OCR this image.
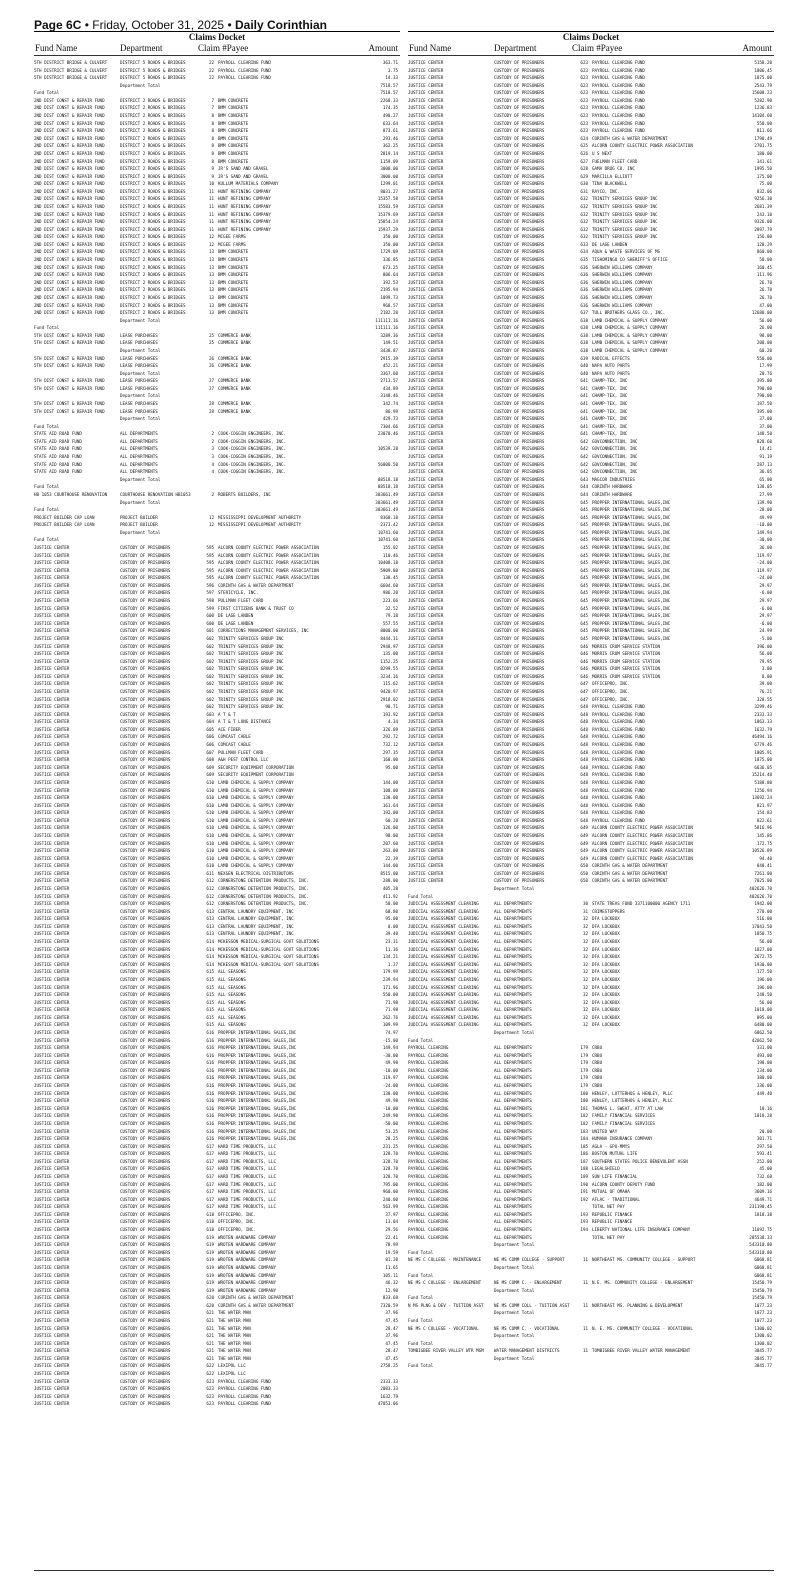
Page 6C • Friday, October 31, 2025 • Daily Corinthian
Claims Docket
Fund Name	Department	Claim #Payee	Amount
5TH DISTRICT BRIDGE & CULVERT	DISTRICT 5 ROADS & BRIDGES	22 PAYROLL CLEARING FUND	363.71
5TH DISTRICT BRIDGE & CULVERT	DISTRICT 5 ROADS & BRIDGES	22 PAYROLL CLEARING FUND	3.75
5TH DISTRICT BRIDGE & CULVERT	DISTRICT 5 ROADS & BRIDGES	22 PAYROLL CLEARING FUND	14.33
Department Total	7518.57
Fund Total	7518.57
2ND DIST CONST & REPAIR FUND	DISTRICT 2 ROADS & BRIDGES	7 BMM CONCRETE	2268.33
2ND DIST CONST & REPAIR FUND	DISTRICT 2 ROADS & BRIDGES	7 BMM CONCRETE	174.35
2ND DIST CONST & REPAIR FUND	DISTRICT 2 ROADS & BRIDGES	8 BMM CONCRETE	490.27
2ND DIST CONST & REPAIR FUND	DISTRICT 2 ROADS & BRIDGES	8 BMM CONCRETE	633.64
2ND DIST CONST & REPAIR FUND	DISTRICT 2 ROADS & BRIDGES	8 BMM CONCRETE	873.61
2ND DIST CONST & REPAIR FUND	DISTRICT 2 ROADS & BRIDGES	8 BMM CONCRETE	293.46
2ND DIST CONST & REPAIR FUND	DISTRICT 2 ROADS & BRIDGES	8 BMM CONCRETE	362.25
2ND DIST CONST & REPAIR FUND	DISTRICT 2 ROADS & BRIDGES	8 BMM CONCRETE	2819.14
2ND DIST CONST & REPAIR FUND	DISTRICT 2 ROADS & BRIDGES	8 BMM CONCRETE	1159.09
2ND DIST CONST & REPAIR FUND	DISTRICT 2 ROADS & BRIDGES	9 JR'S SAND AND GRAVEL	3000.00
2ND DIST CONST & REPAIR FUND	DISTRICT 2 ROADS & BRIDGES	9 JR'S SAND AND GRAVEL	3000.00
2ND DIST CONST & REPAIR FUND	DISTRICT 2 ROADS & BRIDGES	10 KULLUM MATERIALS COMPANY	1299.01
2ND DIST CONST & REPAIR FUND	DISTRICT 2 ROADS & BRIDGES	11 HUNT REFINING COMPANY	8031.27
2ND DIST CONST & REPAIR FUND	DISTRICT 2 ROADS & BRIDGES	11 HUNT REFINING COMPANY	15357.58
2ND DIST CONST & REPAIR FUND	DISTRICT 2 ROADS & BRIDGES	11 HUNT REFINING COMPANY	15583.59
2ND DIST CONST & REPAIR FUND	DISTRICT 2 ROADS & BRIDGES	11 HUNT REFINING COMPANY	15379.69
2ND DIST CONST & REPAIR FUND	DISTRICT 2 ROADS & BRIDGES	11 HUNT REFINING COMPANY	15854.24
2ND DIST CONST & REPAIR FUND	DISTRICT 2 ROADS & BRIDGES	11 HUNT REFINING COMPANY	15937.29
2ND DIST CONST & REPAIR FUND	DISTRICT 2 ROADS & BRIDGES	12 MCGEE FARMS	350.00
2ND DIST CONST & REPAIR FUND	DISTRICT 2 ROADS & BRIDGES	12 MCGEE FARMS	350.00
2ND DIST CONST & REPAIR FUND	DISTRICT 2 ROADS & BRIDGES	13 BMM CONCRETE	1729.09
2ND DIST CONST & REPAIR FUND	DISTRICT 2 ROADS & BRIDGES	13 BMM CONCRETE	336.85
2ND DIST CONST & REPAIR FUND	DISTRICT 2 ROADS & BRIDGES	13 BMM CONCRETE	673.25
2ND DIST CONST & REPAIR FUND	DISTRICT 2 ROADS & BRIDGES	13 BMM CONCRETE	806.64
2ND DIST CONST & REPAIR FUND	DISTRICT 2 ROADS & BRIDGES	13 BMM CONCRETE	392.53
2ND DIST CONST & REPAIR FUND	DISTRICT 2 ROADS & BRIDGES	13 BMM CONCRETE	2195.94
2ND DIST CONST & REPAIR FUND	DISTRICT 2 ROADS & BRIDGES	13 BMM CONCRETE	1099.73
2ND DIST CONST & REPAIR FUND	DISTRICT 2 ROADS & BRIDGES	13 BMM CONCRETE	968.57
2ND DIST CONST & REPAIR FUND	DISTRICT 2 ROADS & BRIDGES	13 BMM CONCRETE	2182.28
Department Total	111111.16
Fund Total	111111.16
5TH DIST CONST & REPAIR FUND	LEASE PURCHASES	25 COMMERCE BANK	3289.36
5TH DIST CONST & REPAIR FUND	LEASE PURCHASES	25 COMMERCE BANK	149.51
Department Total	3438.87
5TH DIST CONST & REPAIR FUND	LEASE PURCHASES	26 COMMERCE BANK	2915.39
5TH DIST CONST & REPAIR FUND	LEASE PURCHASES	26 COMMERCE BANK	452.21
Department Total	3367.60
5TH DIST CONST & REPAIR FUND	LEASE PURCHASES	27 COMMERCE BANK	2713.57
5TH DIST CONST & REPAIR FUND	LEASE PURCHASES	27 COMMERCE BANK	434.89
Department Total	3148.46
5TH DIST CONST & REPAIR FUND	LEASE PURCHASES	28 COMMERCE BANK	342.74
5TH DIST CONST & REPAIR FUND	LEASE PURCHASES	28 COMMERCE BANK	86.99
Department Total	429.73
Fund Total	7304.66
STATE AID ROAD FUND	ALL DEPARTMENTS	2 COOK-COGGIN ENGINEERS, INC.	23070.46
STATE AID ROAD FUND	ALL DEPARTMENTS	2 COOK-COGGIN ENGINEERS, INC.
STATE AID ROAD FUND	ALL DEPARTMENTS	3 COOK-COGGIN ENGINEERS, INC.	10539.28
STATE AID ROAD FUND	ALL DEPARTMENTS	3 COOK-COGGIN ENGINEERS, INC.
STATE AID ROAD FUND	ALL DEPARTMENTS	4 COOK-COGGIN ENGINEERS, INC.	56000.50
STATE AID ROAD FUND	ALL DEPARTMENTS	4 COOK-COGGIN ENGINEERS, INC.
Department Total	88518.18
Fund Total	88518.18
HB 1053 COURTHOUSE RENOVATION	COURTHOUSE RENOVATION HB1053	2 ROBERTS BUILDERS, INC	303661.49
Department Total	303661.49
Fund Total	303661.49
PROJECT BUILDER CAP LOAN	PROJECT BUILDER	12 MISSISSIPPI DEVELOPMENT AUTHORITY	8368.18
PROJECT BUILDER CAP LOAN	PROJECT BUILDER	12 MISSISSIPPI DEVELOPMENT AUTHORITY	2373.42
Department Total	10741.60
Fund Total	10741.60
JUSTICE CENTER	CUSTODY OF PRISONERS	595 ALCORN COUNTY ELECTRIC POWER ASSOCIATION	155.02
JUSTICE CENTER	CUSTODY OF PRISONERS	595 ALCORN COUNTY ELECTRIC POWER ASSOCIATION	110.46
JUSTICE CENTER	CUSTODY OF PRISONERS	595 ALCORN COUNTY ELECTRIC POWER ASSOCIATION	10408.18
JUSTICE CENTER	CUSTODY OF PRISONERS	595 ALCORN COUNTY ELECTRIC POWER ASSOCIATION	5909.80
JUSTICE CENTER	CUSTODY OF PRISONERS	595 ALCORN COUNTY ELECTRIC POWER ASSOCIATION	138.45
JUSTICE CENTER	CUSTODY OF PRISONERS	596 CORINTH GAS & WATER DEPARTMENT	6604.60
JUSTICE CENTER	CUSTODY OF PRISONERS	597 STERICYCLE, INC.	986.20
JUSTICE CENTER	CUSTODY OF PRISONERS	598 PULLMAN FLEET CARD	223.66
JUSTICE CENTER	CUSTODY OF PRISONERS	599 FIRST CITIZENS BANK & TRUST CO	32.52
JUSTICE CENTER	CUSTODY OF PRISONERS	600 DE LAGE LANDEN	79.18
JUSTICE CENTER	CUSTODY OF PRISONERS	600 DE LAGE LANDEN	557.55
JUSTICE CENTER	CUSTODY OF PRISONERS	601 CORRECTIONS MANAGEMENT SERVICES, INC	8000.00
JUSTICE CENTER	CUSTODY OF PRISONERS	602 TRINITY SERVICES GROUP INC	8444.31
JUSTICE CENTER	CUSTODY OF PRISONERS	602 TRINITY SERVICES GROUP INC	2948.97
JUSTICE CENTER	CUSTODY OF PRISONERS	602 TRINITY SERVICES GROUP INC	135.00
JUSTICE CENTER	CUSTODY OF PRISONERS	602 TRINITY SERVICES GROUP INC	1152.25
JUSTICE CENTER	CUSTODY OF PRISONERS	602 TRINITY SERVICES GROUP INC	8299.55
JUSTICE CENTER	CUSTODY OF PRISONERS	602 TRINITY SERVICES GROUP INC	3234.16
JUSTICE CENTER	CUSTODY OF PRISONERS	602 TRINITY SERVICES GROUP INC	115.62
JUSTICE CENTER	CUSTODY OF PRISONERS	602 TRINITY SERVICES GROUP INC	9420.97
JUSTICE CENTER	CUSTODY OF PRISONERS	602 TRINITY SERVICES GROUP INC	2918.02
JUSTICE CENTER	CUSTODY OF PRISONERS	602 TRINITY SERVICES GROUP INC	90.71
JUSTICE CENTER	CUSTODY OF PRISONERS	603 A T & T	193.92
JUSTICE CENTER	CUSTODY OF PRISONERS	604 A T & T LONG DISTANCE	4.34
JUSTICE CENTER	CUSTODY OF PRISONERS	605 ACE FIBER	326.09
JUSTICE CENTER	CUSTODY OF PRISONERS	606 COMCAST CABLE	292.72
JUSTICE CENTER	CUSTODY OF PRISONERS	606 COMCAST CABLE	732.12
JUSTICE CENTER	CUSTODY OF PRISONERS	607 PULLMAN FLEET CARD	297.35
JUSTICE CENTER	CUSTODY OF PRISONERS	608 A&H PEST CONTROL LLC	168.00
JUSTICE CENTER	CUSTODY OF PRISONERS	609 SECURITY EQUIPMENT CORPORATION	95.00
JUSTICE CENTER	CUSTODY OF PRISONERS	609 SECURITY EQUIPMENT CORPORATION
JUSTICE CENTER	CUSTODY OF PRISONERS	610 LAMB CHEMICAL & SUPPLY COMPANY	144.00
JUSTICE CENTER	CUSTODY OF PRISONERS	610 LAMB CHEMICAL & SUPPLY COMPANY	108.00
JUSTICE CENTER	CUSTODY OF PRISONERS	610 LAMB CHEMICAL & SUPPLY COMPANY	138.00
JUSTICE CENTER	CUSTODY OF PRISONERS	610 LAMB CHEMICAL & SUPPLY COMPANY	161.64
JUSTICE CENTER	CUSTODY OF PRISONERS	610 LAMB CHEMICAL & SUPPLY COMPANY	192.00
JUSTICE CENTER	CUSTODY OF PRISONERS	610 LAMB CHEMICAL & SUPPLY COMPANY	60.20
JUSTICE CENTER	CUSTODY OF PRISONERS	610 LAMB CHEMICAL & SUPPLY COMPANY	126.00
JUSTICE CENTER	CUSTODY OF PRISONERS	610 LAMB CHEMICAL & SUPPLY COMPANY	98.00
JUSTICE CENTER	CUSTODY OF PRISONERS	610 LAMB CHEMICAL & SUPPLY COMPANY	207.60
JUSTICE CENTER	CUSTODY OF PRISONERS	610 LAMB CHEMICAL & SUPPLY COMPANY	263.00
JUSTICE CENTER	CUSTODY OF PRISONERS	610 LAMB CHEMICAL & SUPPLY COMPANY	22.39
JUSTICE CENTER	CUSTODY OF PRISONERS	610 LAMB CHEMICAL & SUPPLY COMPANY	144.00
JUSTICE CENTER	CUSTODY OF PRISONERS	611 NEXGEN ELECTRICAL DISTRIBUTORS	8515.00
JUSTICE CENTER	CUSTODY OF PRISONERS	612 CORNERSTONE DETENTION PRODUCTS, INC.	288.00
JUSTICE CENTER	CUSTODY OF PRISONERS	612 CORNERSTONE DETENTION PRODUCTS, INC.	405.28
JUSTICE CENTER	CUSTODY OF PRISONERS	612 CORNERSTONE DETENTION PRODUCTS, INC.	411.92
JUSTICE CENTER	CUSTODY OF PRISONERS	612 CORNERSTONE DETENTION PRODUCTS, INC.	50.00
JUSTICE CENTER	CUSTODY OF PRISONERS	613 CENTRAL LAUNDRY EQUIPMENT, INC	68.80
JUSTICE CENTER	CUSTODY OF PRISONERS	613 CENTRAL LAUNDRY EQUIPMENT, INC	95.00
JUSTICE CENTER	CUSTODY OF PRISONERS	613 CENTRAL LAUNDRY EQUIPMENT, INC	0.00
JUSTICE CENTER	CUSTODY OF PRISONERS	613 CENTRAL LAUNDRY EQUIPMENT, INC	39.40
JUSTICE CENTER	CUSTODY OF PRISONERS	614 MCKESSON MEDICAL-SURGICAL GOVT SOLUTIONS	23.31
JUSTICE CENTER	CUSTODY OF PRISONERS	614 MCKESSON MEDICAL-SURGICAL GOVT SOLUTIONS	11.36
JUSTICE CENTER	CUSTODY OF PRISONERS	614 MCKESSON MEDICAL-SURGICAL GOVT SOLUTIONS	134.21
JUSTICE CENTER	CUSTODY OF PRISONERS	614 MCKESSON MEDICAL-SURGICAL GOVT SOLUTIONS	1.27
JUSTICE CENTER	CUSTODY OF PRISONERS	615 ALL SEASONS	179.99
JUSTICE CENTER	CUSTODY OF PRISONERS	615 ALL SEASONS	239.94
JUSTICE CENTER	CUSTODY OF PRISONERS	615 ALL SEASONS	171.96
JUSTICE CENTER	CUSTODY OF PRISONERS	615 ALL SEASONS	550.00
JUSTICE CENTER	CUSTODY OF PRISONERS	615 ALL SEASONS	71.98
JUSTICE CENTER	CUSTODY OF PRISONERS	615 ALL SEASONS	71.98
JUSTICE CENTER	CUSTODY OF PRISONERS	615 ALL SEASONS	262.76
JUSTICE CENTER	CUSTODY OF PRISONERS	615 ALL SEASONS	109.99
JUSTICE CENTER	CUSTODY OF PRISONERS	616 PROPPER INTERNATIONAL SALES,INC	74.97
JUSTICE CENTER	CUSTODY OF PRISONERS	616 PROPPER INTERNATIONAL SALES,INC	-15.00
JUSTICE CENTER	CUSTODY OF PRISONERS	616 PROPPER INTERNATIONAL SALES,INC	149.94
JUSTICE CENTER	CUSTODY OF PRISONERS	616 PROPPER INTERNATIONAL SALES,INC	-30.00
JUSTICE CENTER	CUSTODY OF PRISONERS	616 PROPPER INTERNATIONAL SALES,INC	49.98
JUSTICE CENTER	CUSTODY OF PRISONERS	616 PROPPER INTERNATIONAL SALES,INC	-10.00
JUSTICE CENTER	CUSTODY OF PRISONERS	616 PROPPER INTERNATIONAL SALES,INC	119.97
JUSTICE CENTER	CUSTODY OF PRISONERS	616 PROPPER INTERNATIONAL SALES,INC	-24.00
JUSTICE CENTER	CUSTODY OF PRISONERS	616 PROPPER INTERNATIONAL SALES,INC	138.00
JUSTICE CENTER	CUSTODY OF PRISONERS	616 PROPPER INTERNATIONAL SALES,INC	49.98
JUSTICE CENTER	CUSTODY OF PRISONERS	616 PROPPER INTERNATIONAL SALES,INC	-10.00
JUSTICE CENTER	CUSTODY OF PRISONERS	616 PROPPER INTERNATIONAL SALES,INC	249.90
JUSTICE CENTER	CUSTODY OF PRISONERS	616 PROPPER INTERNATIONAL SALES,INC	-50.00
JUSTICE CENTER	CUSTODY OF PRISONERS	616 PROPPER INTERNATIONAL SALES,INC	53.25
JUSTICE CENTER	CUSTODY OF PRISONERS	616 PROPPER INTERNATIONAL SALES,INC	28.25
JUSTICE CENTER	CUSTODY OF PRISONERS	617 HARD TIME PRODUCTS, LLC	231.25
JUSTICE CENTER	CUSTODY OF PRISONERS	617 HARD TIME PRODUCTS, LLC	328.70
JUSTICE CENTER	CUSTODY OF PRISONERS	617 HARD TIME PRODUCTS, LLC	328.70
JUSTICE CENTER	CUSTODY OF PRISONERS	617 HARD TIME PRODUCTS, LLC	328.70
JUSTICE CENTER	CUSTODY OF PRISONERS	617 HARD TIME PRODUCTS, LLC	328.70
JUSTICE CENTER	CUSTODY OF PRISONERS	617 HARD TIME PRODUCTS, LLC	795.00
JUSTICE CENTER	CUSTODY OF PRISONERS	617 HARD TIME PRODUCTS, LLC	960.00
JUSTICE CENTER	CUSTODY OF PRISONERS	617 HARD TIME PRODUCTS, LLC	240.00
JUSTICE CENTER	CUSTODY OF PRISONERS	617 HARD TIME PRODUCTS, LLC	563.99
JUSTICE CENTER	CUSTODY OF PRISONERS	618 OFFICEPRO, INC.	37.97
JUSTICE CENTER	CUSTODY OF PRISONERS	618 OFFICEPRO, INC.	13.04
JUSTICE CENTER	CUSTODY OF PRISONERS	618 OFFICEPRO, INC.	29.56
JUSTICE CENTER	CUSTODY OF PRISONERS	619 WROTEN HARDWARE COMPANY	22.41
JUSTICE CENTER	CUSTODY OF PRISONERS	619 WROTEN HARDWARE COMPANY	78.99
JUSTICE CENTER	CUSTODY OF PRISONERS	619 WROTEN HARDWARE COMPANY	19.59
JUSTICE CENTER	CUSTODY OF PRISONERS	619 WROTEN HARDWARE COMPANY	81.20
JUSTICE CENTER	CUSTODY OF PRISONERS	619 WROTEN HARDWARE COMPANY	11.65
JUSTICE CENTER	CUSTODY OF PRISONERS	619 WROTEN HARDWARE COMPANY	105.11
JUSTICE CENTER	CUSTODY OF PRISONERS	619 WROTEN HARDWARE COMPANY	46.32
JUSTICE CENTER	CUSTODY OF PRISONERS	619 WROTEN HARDWARE COMPANY	12.90
JUSTICE CENTER	CUSTODY OF PRISONERS	620 CORINTH GAS & WATER DEPARTMENT	833.68
JUSTICE CENTER	CUSTODY OF PRISONERS	620 CORINTH GAS & WATER DEPARTMENT	7320.59
JUSTICE CENTER	CUSTODY OF PRISONERS	621 THE WATER MAN	37.96
JUSTICE CENTER	CUSTODY OF PRISONERS	621 THE WATER MAN	47.45
JUSTICE CENTER	CUSTODY OF PRISONERS	621 THE WATER MAN	28.47
JUSTICE CENTER	CUSTODY OF PRISONERS	621 THE WATER MAN	37.96
JUSTICE CENTER	CUSTODY OF PRISONERS	621 THE WATER MAN	47.45
JUSTICE CENTER	CUSTODY OF PRISONERS	621 THE WATER MAN	28.47
JUSTICE CENTER	CUSTODY OF PRISONERS	621 THE WATER MAN	47.45
JUSTICE CENTER	CUSTODY OF PRISONERS	622 LEXIPOL LLC	2758.25
JUSTICE CENTER	CUSTODY OF PRISONERS	622 LEXIPOL LLC
JUSTICE CENTER	CUSTODY OF PRISONERS	623 PAYROLL CLEARING FUND	2333.33
JUSTICE CENTER	CUSTODY OF PRISONERS	623 PAYROLL CLEARING FUND	2083.33
JUSTICE CENTER	CUSTODY OF PRISONERS	623 PAYROLL CLEARING FUND	1632.79
JUSTICE CENTER	CUSTODY OF PRISONERS	623 PAYROLL CLEARING FUND	47053.06
Claims Docket
Fund Name	Department	Claim #Payee	Amount
JUSTICE CENTER	CUSTODY OF PRISONERS	623 PAYROLL CLEARING FUND	5158.20
JUSTICE CENTER	CUSTODY OF PRISONERS	623 PAYROLL CLEARING FUND	1806.45
JUSTICE CENTER	CUSTODY OF PRISONERS	623 PAYROLL CLEARING FUND	1875.00
JUSTICE CENTER	CUSTODY OF PRISONERS	623 PAYROLL CLEARING FUND	2543.79
JUSTICE CENTER	CUSTODY OF PRISONERS	623 PAYROLL CLEARING FUND	15608.23
JUSTICE CENTER	CUSTODY OF PRISONERS	623 PAYROLL CLEARING FUND	5282.90
JUSTICE CENTER	CUSTODY OF PRISONERS	623 PAYROLL CLEARING FUND	1236.83
JUSTICE CENTER	CUSTODY OF PRISONERS	623 PAYROLL CLEARING FUND	14104.60
JUSTICE CENTER	CUSTODY OF PRISONERS	623 PAYROLL CLEARING FUND	550.00
JUSTICE CENTER	CUSTODY OF PRISONERS	623 PAYROLL CLEARING FUND	811.66
JUSTICE CENTER	CUSTODY OF PRISONERS	624 CORINTH GAS & WATER DEPARTMENT	1790.49
JUSTICE CENTER	CUSTODY OF PRISONERS	625 ALCORN COUNTY ELECTRIC POWER ASSOCIATION	2701.75
JUSTICE CENTER	CUSTODY OF PRISONERS	626 U S NEXT	180.00
JUSTICE CENTER	CUSTODY OF PRISONERS	627 FUELMAN FLEET CARD	341.61
JUSTICE CENTER	CUSTODY OF PRISONERS	628 GAMA DRUG CO. INC	1995.50
JUSTICE CENTER	CUSTODY OF PRISONERS	629 MARCILLA ELLIOTT	175.00
JUSTICE CENTER	CUSTODY OF PRISONERS	630 TINA BLACKWELL	75.00
JUSTICE CENTER	CUSTODY OF PRISONERS	631 RAYCO, INC.	832.06
JUSTICE CENTER	CUSTODY OF PRISONERS	632 TRINITY SERVICES GROUP INC	9256.30
JUSTICE CENTER	CUSTODY OF PRISONERS	632 TRINITY SERVICES GROUP INC	2681.39
JUSTICE CENTER	CUSTODY OF PRISONERS	632 TRINITY SERVICES GROUP INC	243.10
JUSTICE CENTER	CUSTODY OF PRISONERS	632 TRINITY SERVICES GROUP INC	9326.00
JUSTICE CENTER	CUSTODY OF PRISONERS	632 TRINITY SERVICES GROUP INC	2897.79
JUSTICE CENTER	CUSTODY OF PRISONERS	632 TRINITY SERVICES GROUP INC	156.00
JUSTICE CENTER	CUSTODY OF PRISONERS	633 DE LAGE LANDEN	128.29
JUSTICE CENTER	CUSTODY OF PRISONERS	634 AQUA & WASTE SERVICES OF MS	860.00
JUSTICE CENTER	CUSTODY OF PRISONERS	635 TISHOMINGO CO SHERIFF'S OFFICE	50.00
JUSTICE CENTER	CUSTODY OF PRISONERS	636 SHERWIN WILLIAMS COMPANY	160.45
JUSTICE CENTER	CUSTODY OF PRISONERS	636 SHERWIN WILLIAMS COMPANY	111.96
JUSTICE CENTER	CUSTODY OF PRISONERS	636 SHERWIN WILLIAMS COMPANY	26.70
JUSTICE CENTER	CUSTODY OF PRISONERS	636 SHERWIN WILLIAMS COMPANY	26.70
JUSTICE CENTER	CUSTODY OF PRISONERS	636 SHERWIN WILLIAMS COMPANY	26.70
JUSTICE CENTER	CUSTODY OF PRISONERS	636 SHERWIN WILLIAMS COMPANY	47.00
JUSTICE CENTER	CUSTODY OF PRISONERS	637 TULL BROTHERS GLASS CO., INC.	12680.00
JUSTICE CENTER	CUSTODY OF PRISONERS	638 LAMB CHEMICAL & SUPPLY COMPANY	56.00
JUSTICE CENTER	CUSTODY OF PRISONERS	638 LAMB CHEMICAL & SUPPLY COMPANY	26.00
JUSTICE CENTER	CUSTODY OF PRISONERS	638 LAMB CHEMICAL & SUPPLY COMPANY	98.00
JUSTICE CENTER	CUSTODY OF PRISONERS	638 LAMB CHEMICAL & SUPPLY COMPANY	208.00
JUSTICE CENTER	CUSTODY OF PRISONERS	638 LAMB CHEMICAL & SUPPLY COMPANY	60.20
JUSTICE CENTER	CUSTODY OF PRISONERS	639 RADICAL EFFECTS	550.00
JUSTICE CENTER	CUSTODY OF PRISONERS	640 NAPA AUTO PARTS	17.99
JUSTICE CENTER	CUSTODY OF PRISONERS	640 NAPA AUTO PARTS	20.76
JUSTICE CENTER	CUSTODY OF PRISONERS	641 CHAMP-TEX, INC	395.00
JUSTICE CENTER	CUSTODY OF PRISONERS	641 CHAMP-TEX, INC	790.00
JUSTICE CENTER	CUSTODY OF PRISONERS	641 CHAMP-TEX, INC	790.00
JUSTICE CENTER	CUSTODY OF PRISONERS	641 CHAMP-TEX, INC	197.50
JUSTICE CENTER	CUSTODY OF PRISONERS	641 CHAMP-TEX, INC	395.00
JUSTICE CENTER	CUSTODY OF PRISONERS	641 CHAMP-TEX, INC	37.00
JUSTICE CENTER	CUSTODY OF PRISONERS	641 CHAMP-TEX, INC	37.00
JUSTICE CENTER	CUSTODY OF PRISONERS	641 CHAMP-TEX, INC	148.50
JUSTICE CENTER	CUSTODY OF PRISONERS	642 GOVCONNECTION, INC	828.60
JUSTICE CENTER	CUSTODY OF PRISONERS	642 GOVCONNECTION, INC	14.41
JUSTICE CENTER	CUSTODY OF PRISONERS	642 GOVCONNECTION, INC	91.19
JUSTICE CENTER	CUSTODY OF PRISONERS	642 GOVCONNECTION, INC	287.13
JUSTICE CENTER	CUSTODY OF PRISONERS	642 GOVCONNECTION, INC	36.05
JUSTICE CENTER	CUSTODY OF PRISONERS	643 MAGCOR INDUSTRIES	65.00
JUSTICE CENTER	CUSTODY OF PRISONERS	644 CORINTH HARDWARE	138.05
JUSTICE CENTER	CUSTODY OF PRISONERS	644 CORINTH HARDWARE	27.99
JUSTICE CENTER	CUSTODY OF PRISONERS	645 PROPPER INTERNATIONAL SALES,INC	139.90
JUSTICE CENTER	CUSTODY OF PRISONERS	645 PROPPER INTERNATIONAL SALES,INC	-28.00
JUSTICE CENTER	CUSTODY OF PRISONERS	645 PROPPER INTERNATIONAL SALES,INC	49.99
JUSTICE CENTER	CUSTODY OF PRISONERS	645 PROPPER INTERNATIONAL SALES,INC	-10.00
JUSTICE CENTER	CUSTODY OF PRISONERS	645 PROPPER INTERNATIONAL SALES,INC	149.94
JUSTICE CENTER	CUSTODY OF PRISONERS	645 PROPPER INTERNATIONAL SALES,INC	-30.00
JUSTICE CENTER	CUSTODY OF PRISONERS	645 PROPPER INTERNATIONAL SALES,INC	36.00
JUSTICE CENTER	CUSTODY OF PRISONERS	645 PROPPER INTERNATIONAL SALES,INC	119.97
JUSTICE CENTER	CUSTODY OF PRISONERS	645 PROPPER INTERNATIONAL SALES,INC	-24.00
JUSTICE CENTER	CUSTODY OF PRISONERS	645 PROPPER INTERNATIONAL SALES,INC	119.97
JUSTICE CENTER	CUSTODY OF PRISONERS	645 PROPPER INTERNATIONAL SALES,INC	-24.00
JUSTICE CENTER	CUSTODY OF PRISONERS	645 PROPPER INTERNATIONAL SALES,INC	29.97
JUSTICE CENTER	CUSTODY OF PRISONERS	645 PROPPER INTERNATIONAL SALES,INC	-6.00
JUSTICE CENTER	CUSTODY OF PRISONERS	645 PROPPER INTERNATIONAL SALES,INC	29.97
JUSTICE CENTER	CUSTODY OF PRISONERS	645 PROPPER INTERNATIONAL SALES,INC	-6.00
JUSTICE CENTER	CUSTODY OF PRISONERS	645 PROPPER INTERNATIONAL SALES,INC	29.97
JUSTICE CENTER	CUSTODY OF PRISONERS	645 PROPPER INTERNATIONAL SALES,INC	-6.00
JUSTICE CENTER	CUSTODY OF PRISONERS	645 PROPPER INTERNATIONAL SALES,INC	24.99
JUSTICE CENTER	CUSTODY OF PRISONERS	645 PROPPER INTERNATIONAL SALES,INC	-5.00
JUSTICE CENTER	CUSTODY OF PRISONERS	646 MORRIS CRUM SERVICE STATION	396.00
JUSTICE CENTER	CUSTODY OF PRISONERS	646 MORRIS CRUM SERVICE STATION	56.00
JUSTICE CENTER	CUSTODY OF PRISONERS	646 MORRIS CRUM SERVICE STATION	79.95
JUSTICE CENTER	CUSTODY OF PRISONERS	646 MORRIS CRUM SERVICE STATION	3.00
JUSTICE CENTER	CUSTODY OF PRISONERS	646 MORRIS CRUM SERVICE STATION	8.00
JUSTICE CENTER	CUSTODY OF PRISONERS	647 OFFICEPRO, INC.	39.00
JUSTICE CENTER	CUSTODY OF PRISONERS	647 OFFICEPRO, INC.	76.21
JUSTICE CENTER	CUSTODY OF PRISONERS	647 OFFICEPRO, INC.	328.55
JUSTICE CENTER	CUSTODY OF PRISONERS	648 PAYROLL CLEARING FUND	3299.46
JUSTICE CENTER	CUSTODY OF PRISONERS	648 PAYROLL CLEARING FUND	2333.33
JUSTICE CENTER	CUSTODY OF PRISONERS	648 PAYROLL CLEARING FUND	1863.33
JUSTICE CENTER	CUSTODY OF PRISONERS	648 PAYROLL CLEARING FUND	1632.79
JUSTICE CENTER	CUSTODY OF PRISONERS	648 PAYROLL CLEARING FUND	46494.16
JUSTICE CENTER	CUSTODY OF PRISONERS	648 PAYROLL CLEARING FUND	6779.46
JUSTICE CENTER	CUSTODY OF PRISONERS	648 PAYROLL CLEARING FUND	1805.91
JUSTICE CENTER	CUSTODY OF PRISONERS	648 PAYROLL CLEARING FUND	1875.00
JUSTICE CENTER	CUSTODY OF PRISONERS	648 PAYROLL CLEARING FUND	6636.05
JUSTICE CENTER	CUSTODY OF PRISONERS	648 PAYROLL CLEARING FUND	15214.48
JUSTICE CENTER	CUSTODY OF PRISONERS	648 PAYROLL CLEARING FUND	5188.80
JUSTICE CENTER	CUSTODY OF PRISONERS	648 PAYROLL CLEARING FUND	1256.94
JUSTICE CENTER	CUSTODY OF PRISONERS	648 PAYROLL CLEARING FUND	13692.24
JUSTICE CENTER	CUSTODY OF PRISONERS	648 PAYROLL CLEARING FUND	821.97
JUSTICE CENTER	CUSTODY OF PRISONERS	648 PAYROLL CLEARING FUND	154.83
JUSTICE CENTER	CUSTODY OF PRISONERS	648 PAYROLL CLEARING FUND	822.61
JUSTICE CENTER	CUSTODY OF PRISONERS	649 ALCORN COUNTY ELECTRIC POWER ASSOCIATION	5816.96
JUSTICE CENTER	CUSTODY OF PRISONERS	649 ALCORN COUNTY ELECTRIC POWER ASSOCIATION	145.86
JUSTICE CENTER	CUSTODY OF PRISONERS	649 ALCORN COUNTY ELECTRIC POWER ASSOCIATION	172.75
JUSTICE CENTER	CUSTODY OF PRISONERS	649 ALCORN COUNTY ELECTRIC POWER ASSOCIATION	10526.89
JUSTICE CENTER	CUSTODY OF PRISONERS	649 ALCORN COUNTY ELECTRIC POWER ASSOCIATION	94.40
JUSTICE CENTER	CUSTODY OF PRISONERS	650 CORINTH GAS & WATER DEPARTMENT	840.41
JUSTICE CENTER	CUSTODY OF PRISONERS	650 CORINTH GAS & WATER DEPARTMENT	7261.00
JUSTICE CENTER	CUSTODY OF PRISONERS	650 CORINTH GAS & WATER DEPARTMENT	7025.00
Department Total	402626.70
Fund Total	402626.70
JUDICIAL ASSESSMENT CLEARING	ALL DEPARTMENTS	30 STATE TREAS FUND 3371100000 AGENCY 1711	1942.00
JUDICIAL ASSESSMENT CLEARING	ALL DEPARTMENTS	31 CRIMESTOPPERS	270.00
JUDICIAL ASSESSMENT CLEARING	ALL DEPARTMENTS	32 DFA LOCKBOX	516.00
JUDICIAL ASSESSMENT CLEARING	ALL DEPARTMENTS	32 DFA LOCKBOX	17043.50
JUDICIAL ASSESSMENT CLEARING	ALL DEPARTMENTS	32 DFA LOCKBOX	1850.75
JUDICIAL ASSESSMENT CLEARING	ALL DEPARTMENTS	32 DFA LOCKBOX	56.00
JUDICIAL ASSESSMENT CLEARING	ALL DEPARTMENTS	32 DFA LOCKBOX	1827.00
JUDICIAL ASSESSMENT CLEARING	ALL DEPARTMENTS	32 DFA LOCKBOX	2672.75
JUDICIAL ASSESSMENT CLEARING	ALL DEPARTMENTS	32 DFA LOCKBOX	1930.00
JUDICIAL ASSESSMENT CLEARING	ALL DEPARTMENTS	32 DFA LOCKBOX	177.50
JUDICIAL ASSESSMENT CLEARING	ALL DEPARTMENTS	32 DFA LOCKBOX	196.00
JUDICIAL ASSESSMENT CLEARING	ALL DEPARTMENTS	32 DFA LOCKBOX	196.00
JUDICIAL ASSESSMENT CLEARING	ALL DEPARTMENTS	32 DFA LOCKBOX	248.50
JUDICIAL ASSESSMENT CLEARING	ALL DEPARTMENTS	32 DFA LOCKBOX	56.00
JUDICIAL ASSESSMENT CLEARING	ALL DEPARTMENTS	32 DFA LOCKBOX	1018.00
JUDICIAL ASSESSMENT CLEARING	ALL DEPARTMENTS	32 DFA LOCKBOX	895.00
JUDICIAL ASSESSMENT CLEARING	ALL DEPARTMENTS	32 DFA LOCKBOX	6480.00
Department Total	6862.50
Fund Total	42662.50
PAYROLL CLEARING	ALL DEPARTMENTS	179 CRBU	331.00
PAYROLL CLEARING	ALL DEPARTMENTS	179 CRBU	493.00
PAYROLL CLEARING	ALL DEPARTMENTS	179 CRBU	198.00
PAYROLL CLEARING	ALL DEPARTMENTS	179 CRBU	234.00
PAYROLL CLEARING	ALL DEPARTMENTS	179 CRBU	380.00
PAYROLL CLEARING	ALL DEPARTMENTS	179 CRBU	336.00
PAYROLL CLEARING	ALL DEPARTMENTS	180 HENLEY, LOTTERHOS & HENLEY, PLLC	449.40
PAYROLL CLEARING	ALL DEPARTMENTS	180 HENLEY, LOTTERHOS & HENLEY, PLLC
PAYROLL CLEARING	ALL DEPARTMENTS	181 THOMAS L. SWEAT, ATTY AT LAW	10.16
PAYROLL CLEARING	ALL DEPARTMENTS	182 FAMILY FINANCIAL SERVICES	1018.28
PAYROLL CLEARING	ALL DEPARTMENTS	182 FAMILY FINANCIAL SERVICES
PAYROLL CLEARING	ALL DEPARTMENTS	183 UNITED WAY	20.00
PAYROLL CLEARING	ALL DEPARTMENTS	184 HUMANA INSURANCE COMPANY	301.71
PAYROLL CLEARING	ALL DEPARTMENTS	185 AGLA - GPO-MMYS	297.50
PAYROLL CLEARING	ALL DEPARTMENTS	186 BOSTON MUTUAL LIFE	593.41
PAYROLL CLEARING	ALL DEPARTMENTS	187 SOUTHERN STATES POLICE BENEVOLENT ASSN	252.00
PAYROLL CLEARING	ALL DEPARTMENTS	188 LEGALSHIELD	45.00
PAYROLL CLEARING	ALL DEPARTMENTS	189 SUN LIFE FINANCIAL	732.68
PAYROLL CLEARING	ALL DEPARTMENTS	190 ALCORN COUNTY DEPUTY FUND	182.00
PAYROLL CLEARING	ALL DEPARTMENTS	191 MUTUAL OF OMAHA	3609.16
PAYROLL CLEARING	ALL DEPARTMENTS	192 AFLAC - TRADITIONAL	4649.71
PAYROLL CLEARING	ALL DEPARTMENTS	TOTAL NET PAY	231190.45
PAYROLL CLEARING	ALL DEPARTMENTS	193 REPUBLIC FINANCE	1818.38
PAYROLL CLEARING	ALL DEPARTMENTS	193 REPUBLIC FINANCE
PAYROLL CLEARING	ALL DEPARTMENTS	194 LIBERTY NATIONAL LIFE INSURANCE COMPANY	11692.75
PAYROLL CLEARING	ALL DEPARTMENTS	TOTAL NET PAY	285538.33
Department Total	543310.80
Fund Total	543310.80
NE MS C COLLEGE - MAINTENANCE	NE MS COMM COLLEGE - SUPPORT	11 NORTHEAST MS. COMMUNITY COLLEGE - SUPPORT	6068.81
Department Total	6068.81
Fund Total	6068.81
NE MS C COLLEGE - ENLARGEMENT	NE MS COMM C. - ENLARGEMENT	11 N.E. MS. COMMUNITY COLLEGE - ENLARGEMENT	15450.79
Department Total	15450.79
Fund Total	15450.79
N MS PLNG & DEV - TUITION ASST	NE MS COMM COLL - TUITION ASST	11 NORTHEAST MS. PLANNING & DEVELOPMENT	1077.23
Department Total	1077.23
Fund Total	1077.23
NE MS C COLLEGE - VOCATIONAL	NE MS COMM C. - VOCATIONAL	11 N. E. MS. COMMUNITY COLLEGE - VOCATIONAL	1300.02
Department Total	1300.02
Fund Total	1300.02
TOMBIGBEE RIVER VALLEY WTR MGM	WATER MANAGEMENT DISTRICTS	11 TOMBIGBEE RIVER VALLEY WATER MANAGEMENT	3845.77
Department Total	3845.77
Fund Total	3845.77
